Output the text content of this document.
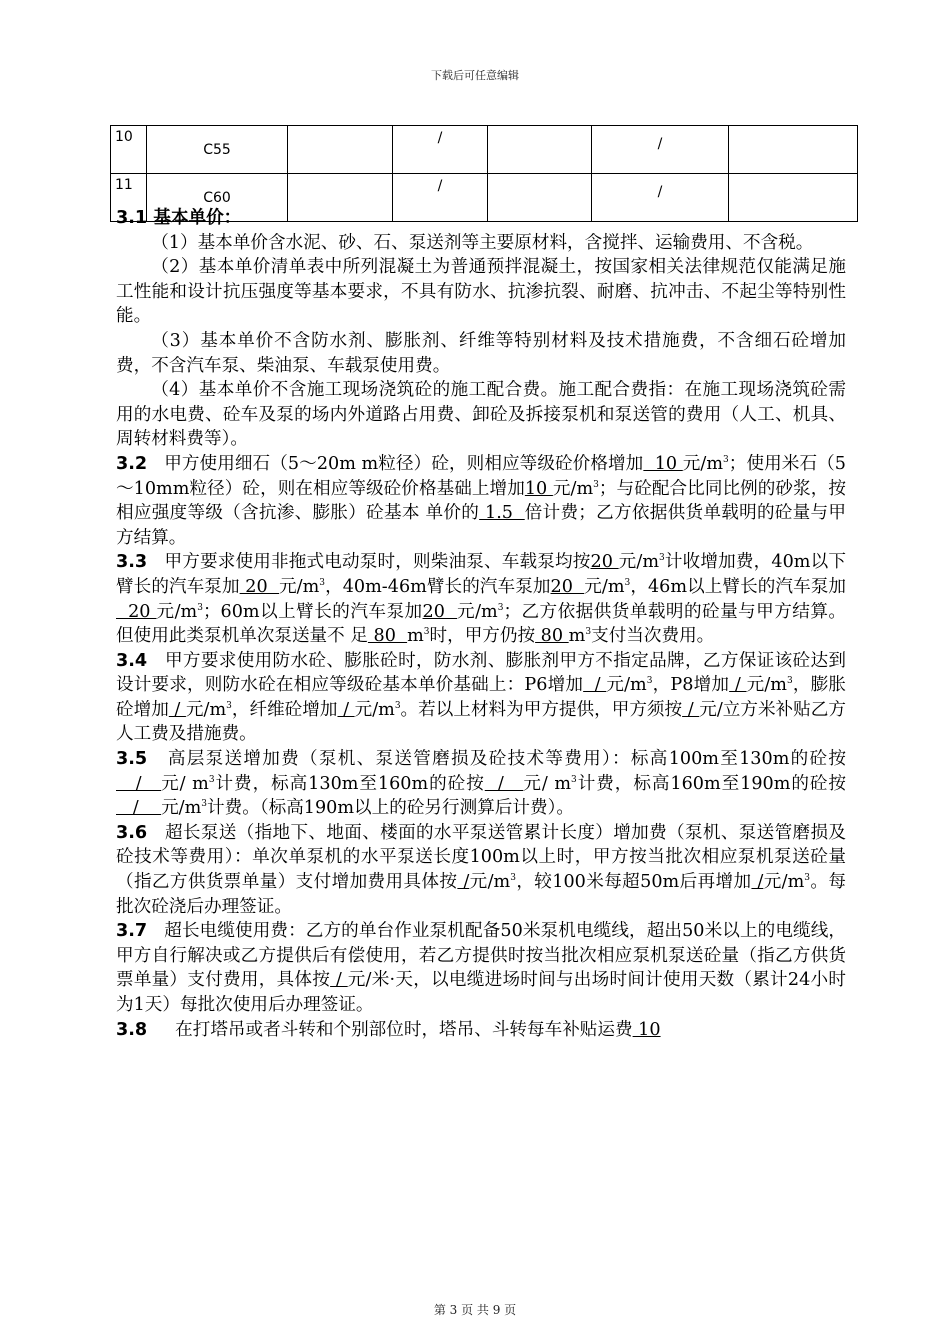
下载后可任意编辑
10	C55		/		/	
11	C60		/		/	

3.1 基本单价：

（1）基本单价含水泥、砂、石、泵送剂等主要原材料，含搅拌、运输费用、不含税。

（2）基本单价清单表中所列混凝土为普通预拌混凝土，按国家相关法律规范仅能满足施工性能和设计抗压强度等基本要求，不具有防水、抗渗抗裂、耐磨、抗冲击、不起尘等特别性能。

（3）基本单价不含防水剂、膨胀剂、纤维等特别材料及技术措施费，不含细石砼增加费，不含汽车泵、柴油泵、车载泵使用费。

（4）基本单价不含施工现场浇筑砼的施工配合费。施工配合费指：在施工现场浇筑砼需用的水电费、砼车及泵的场内外道路占用费、卸砼及拆接泵机和泵送管的费用（人工、机具、周转材料费等）。

3.2 甲方使用细石（5～20m m粒径）砼，则相应等级砼价格增加  10 元$/m^3$；使用米石（5～10mm粒径）砼，则在相应等级砼价格基础上增加10 元$/m^3$；与砼配合比同比例的砂浆，按相应强度等级（含抗渗、膨胀）砼基本 单价的 1.5  倍计费；乙方依据供货单载明的砼量与甲方结算。

3.3 甲方要求使用非拖式电动泵时，则柴油泵、车载泵均按20 元$/m^3$计收增加费，40m以下臂长的汽车泵加 20  元$/m^3$，40m-46m臂长的汽车泵加20  元$/m^3$，46m以上臂长的汽车泵加  20 元$/m^3$；60m以上臂长的汽车泵加20  元$/m^3$；乙方依据供货单载明的砼量与甲方结算。但使用此类泵机单次泵送量不 足 80  $m^3$时，甲方仍按 80 $m^3$支付当次费用。

3.4 甲方要求使用防水砼、膨胀砼时，防水剂、膨胀剂甲方不指定品牌，乙方保证该砼达到设计要求，则防水砼在相应等级砼基本单价基础上：P6增加  / 元$/m^3$，P8增加 / 元$/m^3$，膨胀砼增加 / 元$/m^3$，纤维砼增加 / 元$/m^3$。若以上材料为甲方提供，甲方须按 / 元/立方米补贴乙方人工费及措施费。

3.5 高层泵送增加费（泵机、泵送管磨损及砼技术等费用）：标高100m至130m的砼按   /   元/ $m^3$计费，标高130m至160m的砼按  /   元/ $m^3$计费，标高160m至190m的砼按   /    元$/m^3$计费。（标高190m以上的砼另行测算后计费）。

3.6 超长泵送（指地下、地面、楼面的水平泵送管累计长度）增加费（泵机、泵送管磨损及砼技术等费用）：单次单泵机的水平泵送长度100m以上时，甲方按当批次相应泵机泵送砼量（指乙方供货票单量）支付增加费用具体按 /元$/m^3$，较100米每超50m后再增加 /元$/m^3$。每批次砼浇后办理签证。

3.7 超长电缆使用费：乙方的单台作业泵机配备50米泵机电缆线，超出50米以上的电缆线，甲方自行解决或乙方提供后有偿使用，若乙方提供时按当批次相应泵机泵送砼量（指乙方供货票单量）支付费用，具体按 / 元/米·天，以电缆进场时间与出场时间计使用天数（累计24小时为1天）每批次使用后办理签证。

3.8 在打塔吊或者斗转和个别部位时，塔吊、斗转每车补贴运费 10

第 3 页 共 9 页
